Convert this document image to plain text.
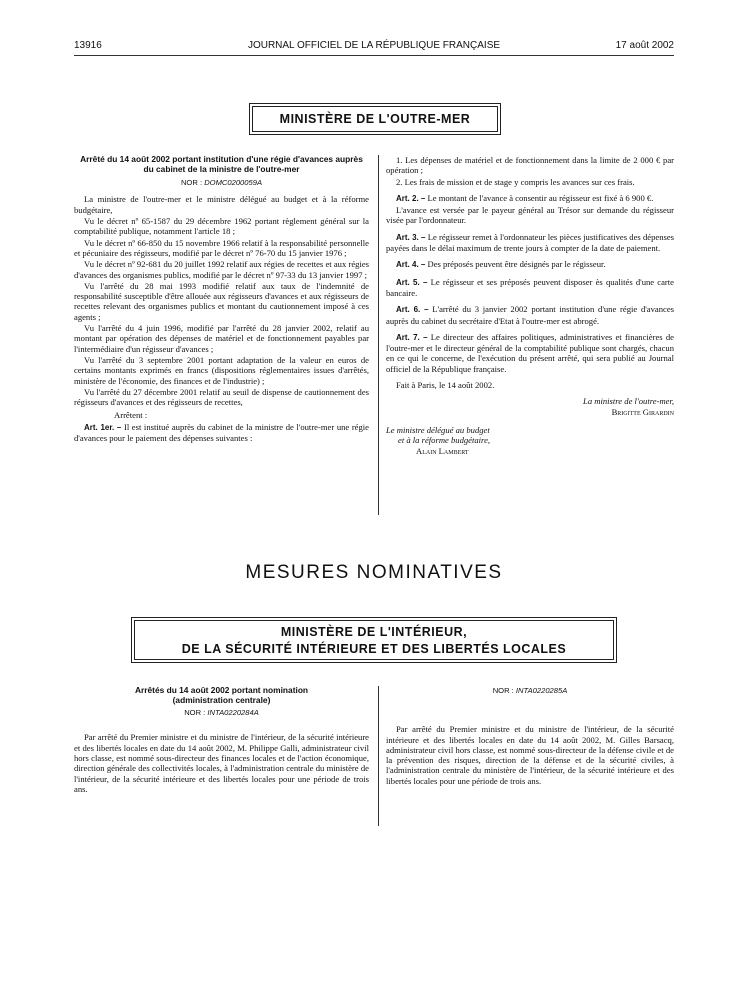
13916	JOURNAL OFFICIEL DE LA RÉPUBLIQUE FRANÇAISE	17 août 2002
MINISTÈRE DE L'OUTRE-MER
Arrêté du 14 août 2002 portant institution d'une régie d'avances auprès du cabinet de la ministre de l'outre-mer
NOR : DOMC0200059A

La ministre de l'outre-mer et le ministre délégué au budget et à la réforme budgétaire,

Vu le décret nº 65-1587 du 29 décembre 1962 portant règlement général sur la comptabilité publique, notamment l'article 18 ;

Vu le décret nº 66-850 du 15 novembre 1966 relatif à la responsabilité personnelle et pécuniaire des régisseurs, modifié par le décret nº 76-70 du 15 janvier 1976 ;

Vu le décret nº 92-681 du 20 juillet 1992 relatif aux régies de recettes et aux régies d'avances des organismes publics, modifié par le décret nº 97-33 du 13 janvier 1997 ;

Vu l'arrêté du 28 mai 1993 modifié relatif aux taux de l'indemnité de responsabilité susceptible d'être allouée aux régisseurs d'avances et aux régisseurs de recettes relevant des organismes publics et montant du cautionnement imposé à ces agents ;

Vu l'arrêté du 4 juin 1996, modifié par l'arrêté du 28 janvier 2002, relatif au montant par opération des dépenses de matériel et de fonctionnement payables par l'intermédiaire d'un régisseur d'avances ;

Vu l'arrêté du 3 septembre 2001 portant adaptation de la valeur en euros de certains montants exprimés en francs (dispositions réglementaires issues d'arrêtés, ministère de l'économie, des finances et de l'industrie) ;

Vu l'arrêté du 27 décembre 2001 relatif au seuil de dispense de cautionnement des régisseurs d'avances et des régisseurs de recettes,

Arrêtent :

Art. 1er. – Il est institué auprès du cabinet de la ministre de l'outre-mer une régie d'avances pour le paiement des dépenses suivantes :

1. Les dépenses de matériel et de fonctionnement dans la limite de 2 000 € par opération ;

2. Les frais de mission et de stage y compris les avances sur ces frais.

Art. 2. – Le montant de l'avance à consentir au régisseur est fixé à 6 900 €.

L'avance est versée par le payeur général au Trésor sur demande du régisseur visée par l'ordonnateur.

Art. 3. – Le régisseur remet à l'ordonnateur les pièces justificatives des dépenses payées dans le délai maximum de trente jours à compter de la date de paiement.

Art. 4. – Des préposés peuvent être désignés par le régisseur.

Art. 5. – Le régisseur et ses préposés peuvent disposer ès qualités d'une carte bancaire.

Art. 6. – L'arrêté du 3 janvier 2002 portant institution d'une régie d'avances auprès du cabinet du secrétaire d'Etat à l'outre-mer est abrogé.

Art. 7. – Le directeur des affaires politiques, administratives et financières de l'outre-mer et le directeur général de la comptabilité publique sont chargés, chacun en ce qui le concerne, de l'exécution du présent arrêté, qui sera publié au Journal officiel de la République française.

Fait à Paris, le 14 août 2002.

La ministre de l'outre-mer,
Brigitte Girardin
Le ministre délégué au budget
et à la réforme budgétaire,
Alain Lambert
MESURES NOMINATIVES
MINISTÈRE DE L'INTÉRIEUR,
DE LA SÉCURITÉ INTÉRIEURE ET DES LIBERTÉS LOCALES
Arrêtés du 14 août 2002 portant nomination
(administration centrale)
NOR : INTA0220284A

Par arrêté du Premier ministre et du ministre de l'intérieur, de la sécurité intérieure et des libertés locales en date du 14 août 2002, M. Philippe Galli, administrateur civil hors classe, est nommé sous-directeur des finances locales et de l'action économique, direction générale des collectivités locales, à l'administration centrale du ministère de l'intérieur, de la sécurité intérieure et des libertés locales pour une période de trois ans.

NOR : INTA0220285A

Par arrêté du Premier ministre et du ministre de l'intérieur, de la sécurité intérieure et des libertés locales en date du 14 août 2002, M. Gilles Barsacq, administrateur civil hors classe, est nommé sous-directeur de la défense civile et de la prévention des risques, direction de la défense et de la sécurité civiles, à l'administration centrale du ministère de l'intérieur, de la sécurité intérieure et des libertés locales pour une période de trois ans.
